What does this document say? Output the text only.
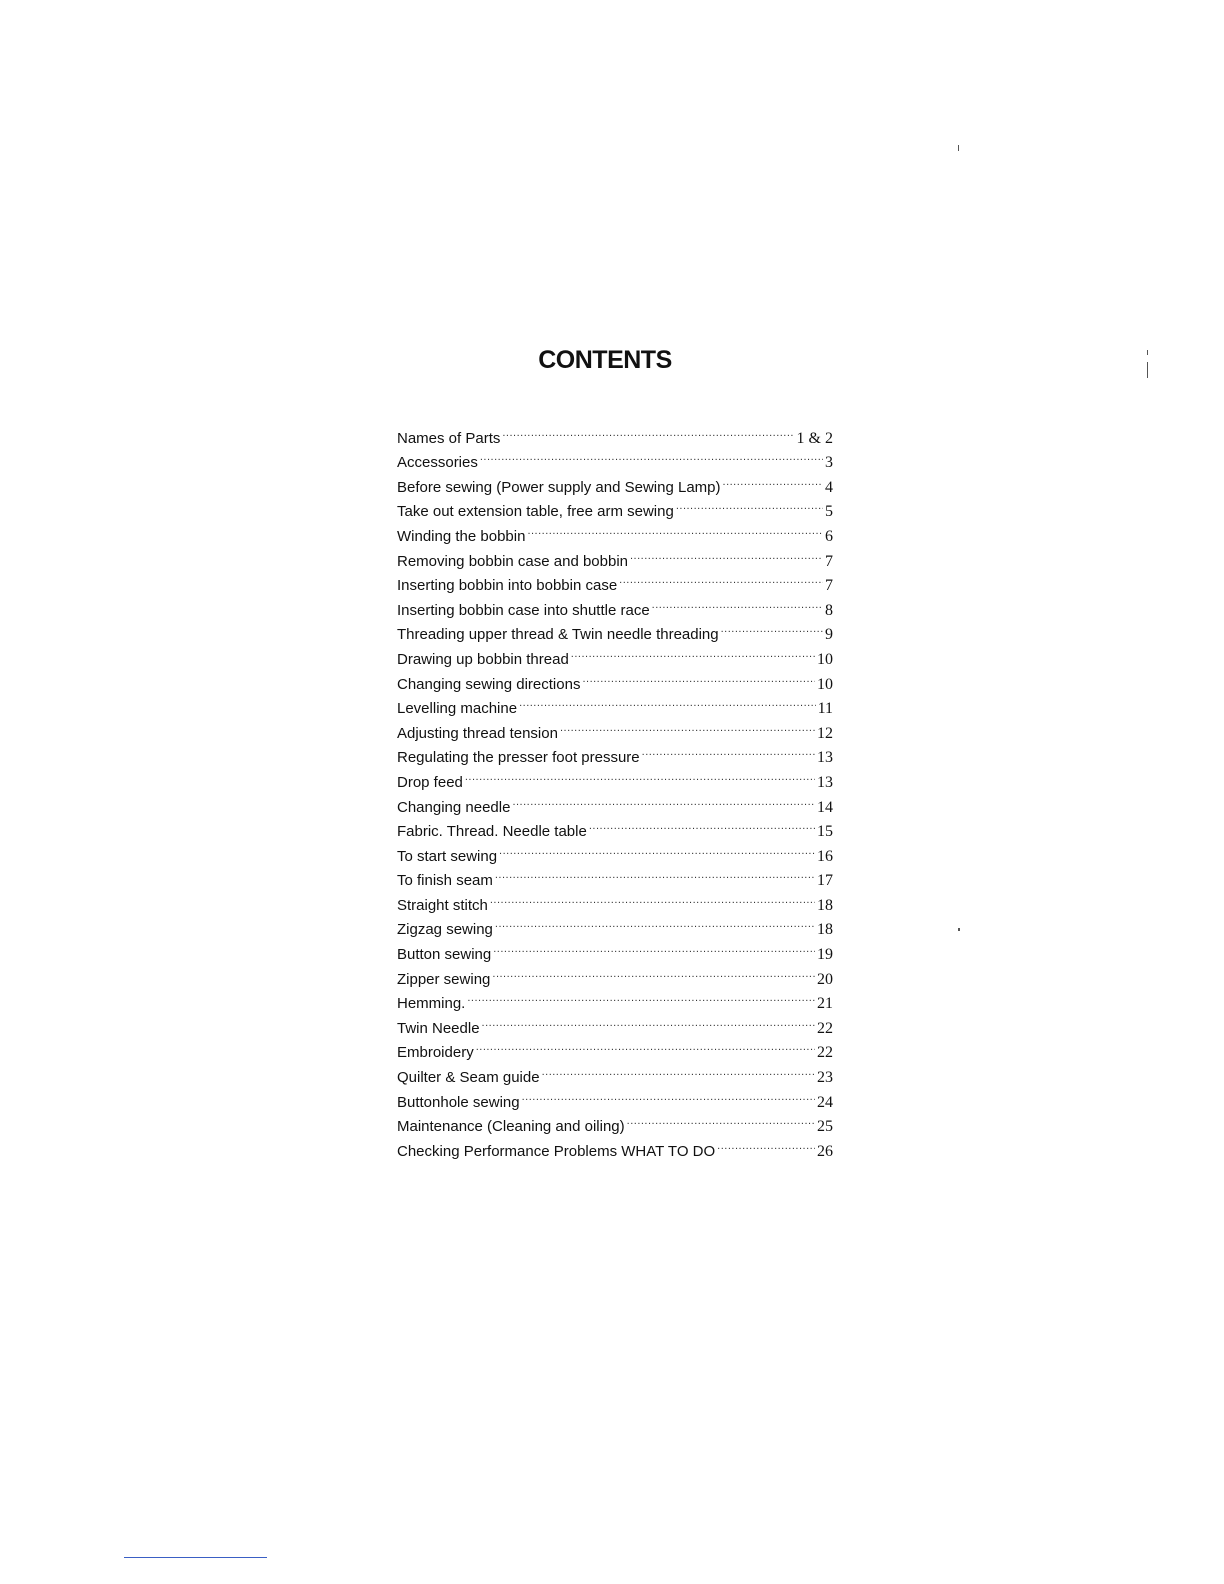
CONTENTS
Names of Parts .....	1 & 2
Accessories .....	3
Before sewing (Power supply and Sewing Lamp) .....	4
Take out extension table, free arm sewing .....	5
Winding the bobbin .....	6
Removing bobbin case and bobbin .....	7
Inserting bobbin into bobbin case .....	7
Inserting bobbin case into shuttle race .....	8
Threading upper thread & Twin needle threading .....	9
Drawing up bobbin thread .....	10
Changing sewing directions .....	10
Levelling machine .....	11
Adjusting thread tension .....	12
Regulating the presser foot pressure .....	13
Drop feed .....	13
Changing needle .....	14
Fabric. Thread. Needle table .....	15
To start sewing .....	16
To finish seam .....	17
Straight stitch .....	18
Zigzag sewing .....	18
Button sewing .....	19
Zipper sewing .....	20
Hemming. .....	21
Twin Needle .....	22
Embroidery .....	22
Quilter & Seam guide .....	23
Buttonhole sewing .....	24
Maintenance (Cleaning and oiling) .....	25
Checking Performance Problems WHAT TO DO .....	26
